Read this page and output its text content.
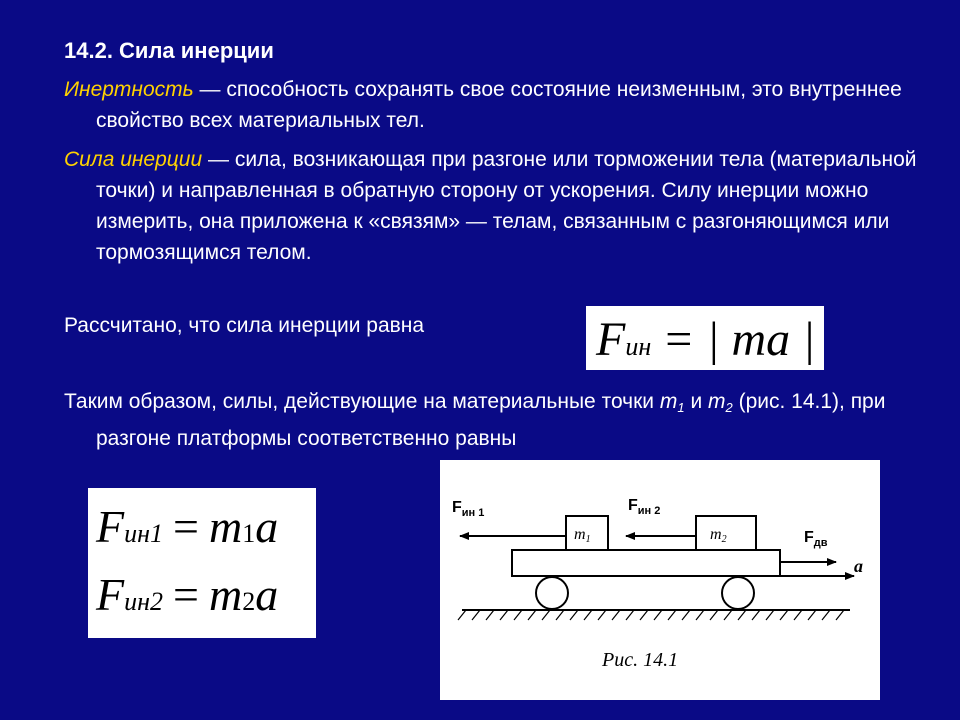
14.2. Сила инерции
Инертность — способность сохранять свое состояние неизменным, это внутреннее свойство всех материальных тел.
Сила инерции — сила, возникающая при разгоне или торможении тела (материальной точки) и направленная в обратную сторону от ускорения. Силу инерции можно измерить, она приложена к «связям» — телам, связанным с разгоняющимся или тормозящимся телом.
Рассчитано, что сила инерции равна
Таким образом, силы, действующие на материальные точки $m_1$ и $m_2$ (рис. 14.1), при разгоне платформы соответственно равны
Fин = | ma |
Fин1 = m1a
Fин2 = m2a
m1	m2
$F_{ин 1}$	$F_{ин 2}$
$F_{дв}$
a
Рис. 14.1
